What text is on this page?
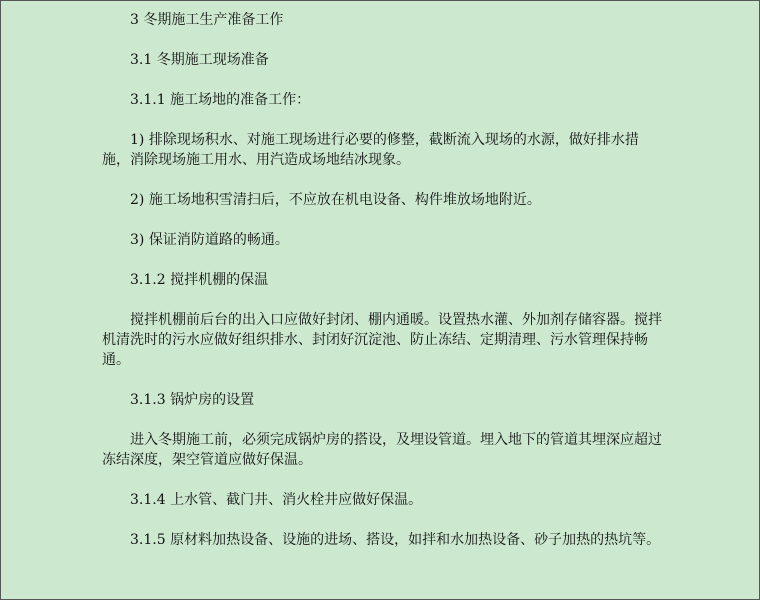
3 冬期施工生产准备工作

3.1 冬期施工现场准备

3.1.1 施工场地的准备工作：

1) 排除现场积水、对施工现场进行必要的修整，截断流入现场的水源，做好排水措施，消除现场施工用水、用汽造成场地结冰现象。

2) 施工场地积雪清扫后，不应放在机电设备、构件堆放场地附近。

3) 保证消防道路的畅通。

3.1.2 搅拌机棚的保温

搅拌机棚前后台的出入口应做好封闭、棚内通暖。设置热水灌、外加剂存储容器。搅拌机清洗时的污水应做好组织排水、封闭好沉淀池、防止冻结、定期清理、污水管理保持畅通。

3.1.3 锅炉房的设置

进入冬期施工前，必须完成锅炉房的搭设，及埋设管道。埋入地下的管道其埋深应超过冻结深度，架空管道应做好保温。

3.1.4 上水管、截门井、消火栓井应做好保温。

3.1.5 原材料加热设备、设施的进场、搭设，如拌和水加热设备、砂子加热的热坑等。
